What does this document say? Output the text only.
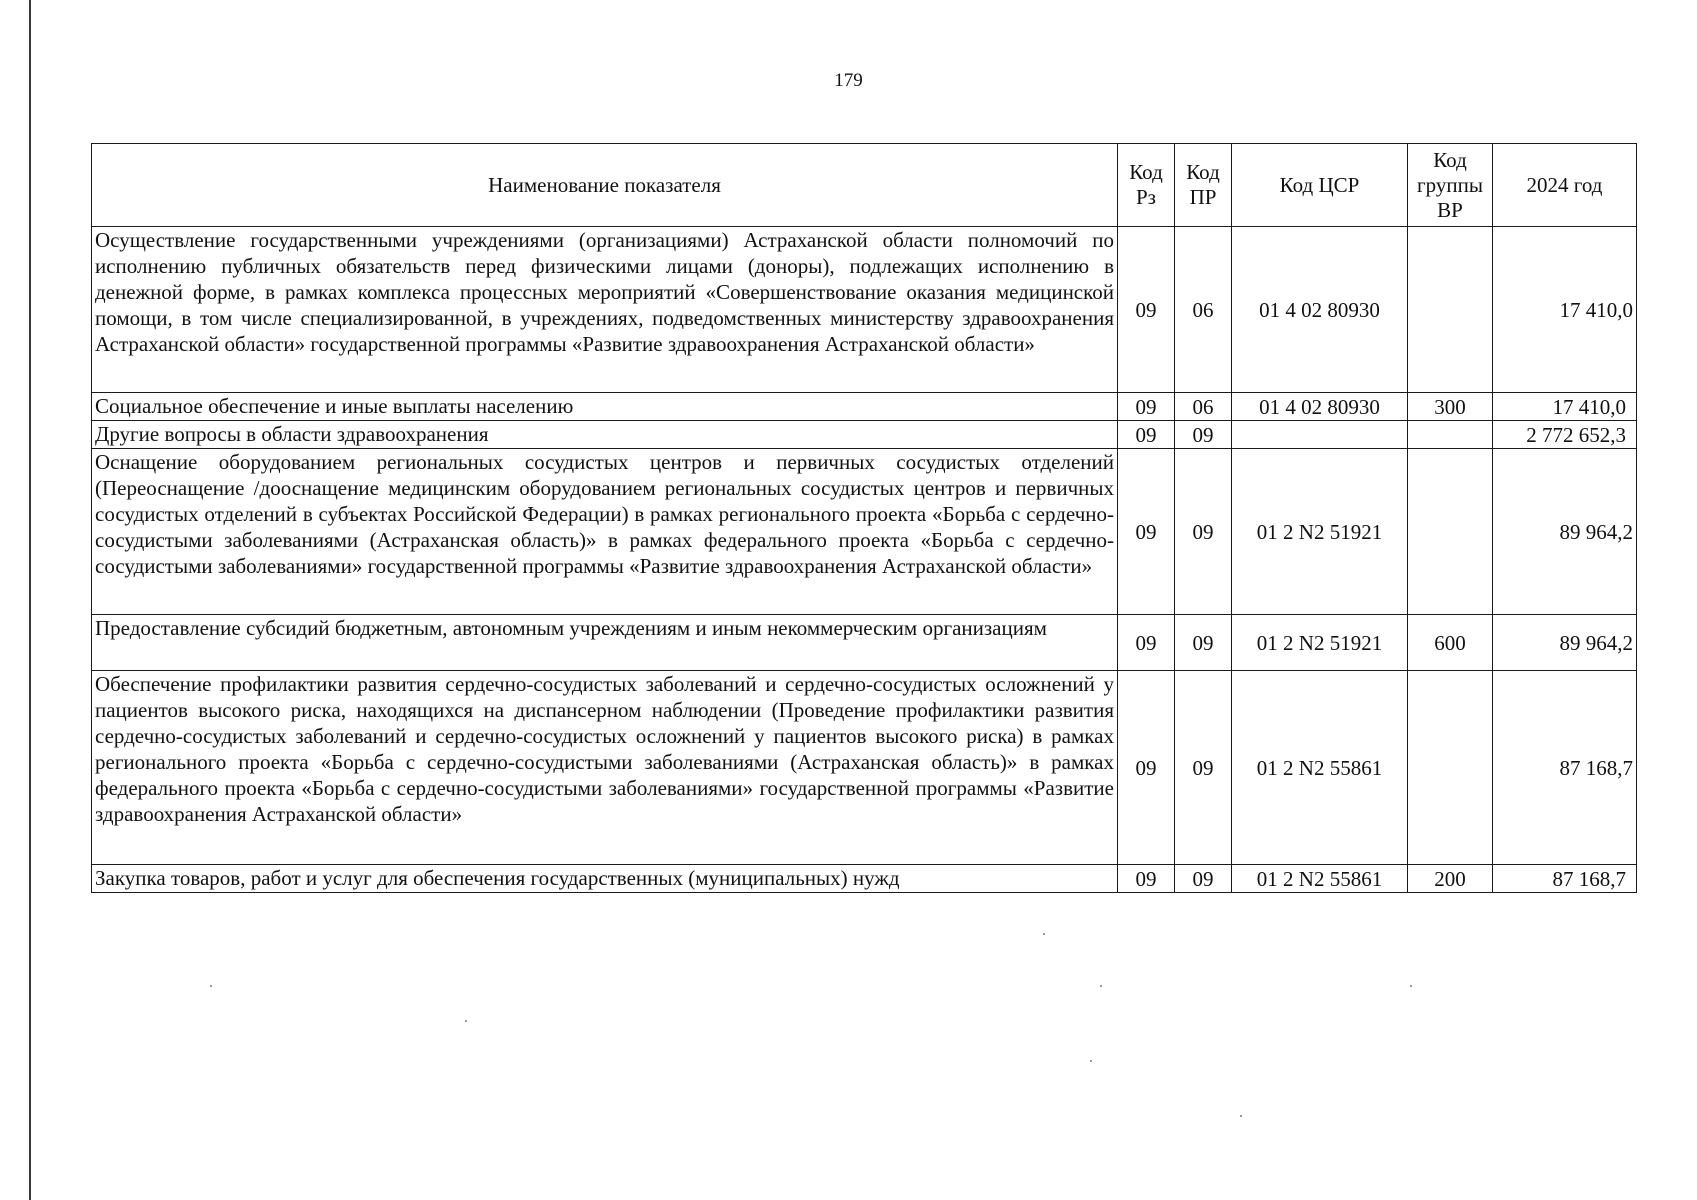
179
Наименование показателя	Код Рз	Код ПР	Код ЦСР	Код группы ВР	2024 год
Осуществление государственными учреждениями (организациями) Астраханской области полномочий по исполнению публичных обязательств перед физическими лицами (доноры), подлежащих исполнению в денежной форме, в рамках комплекса процессных мероприятий «Совершенствование оказания медицинской помощи, в том числе специализированной, в учреждениях, подведомственных министерству здравоохранения Астраханской области» государственной программы «Развитие здравоохранения Астраханской области»	09	06	01 4 02 80930		17 410,0
Социальное обеспечение и иные выплаты населению	09	06	01 4 02 80930	300	17 410,0
Другие вопросы в области здравоохранения	09	09			2 772 652,3
Оснащение оборудованием региональных сосудистых центров и первичных сосудистых отделений (Переоснащение /дооснащение медицинским оборудованием региональных сосудистых центров и первичных сосудистых отделений в субъектах Российской Федерации) в рамках регионального проекта «Борьба с сердечно-сосудистыми заболеваниями (Астраханская область)» в рамках федерального проекта «Борьба с сердечно-сосудистыми заболеваниями» государственной программы «Развитие здравоохранения Астраханской области»	09	09	01 2 N2 51921		89 964,2
Предоставление субсидий бюджетным, автономным учреждениям и иным некоммерческим организациям	09	09	01 2 N2 51921	600	89 964,2
Обеспечение профилактики развития сердечно-сосудистых заболеваний и сердечно-сосудистых осложнений у пациентов высокого риска, находящихся на диспансерном наблюдении (Проведение профилактики развития сердечно-сосудистых заболеваний и сердечно-сосудистых осложнений у пациентов высокого риска) в рамках регионального проекта «Борьба с сердечно-сосудистыми заболеваниями (Астраханская область)» в рамках федерального проекта «Борьба с сердечно-сосудистыми заболеваниями» государственной программы «Развитие здравоохранения Астраханской области»	09	09	01 2 N2 55861		87 168,7
Закупка товаров, работ и услуг для обеспечения государственных (муниципальных) нужд	09	09	01 2 N2 55861	200	87 168,7
